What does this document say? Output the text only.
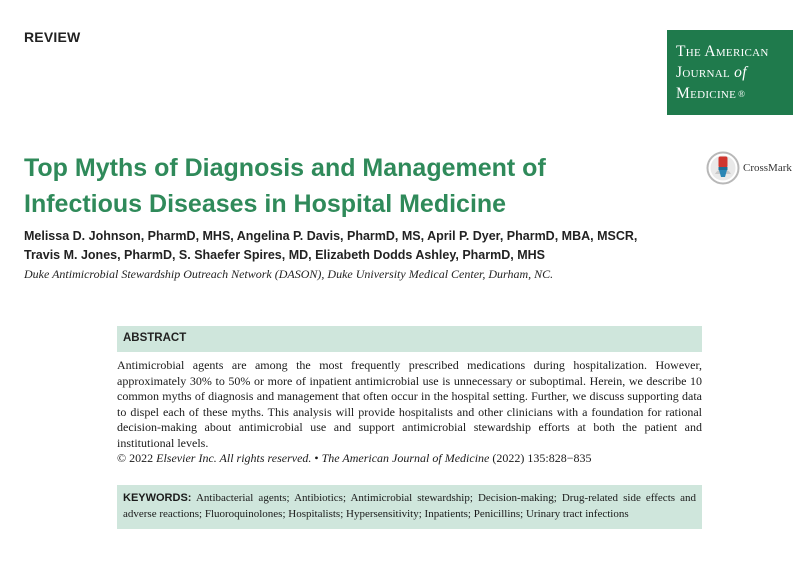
REVIEW
The American
Journal of
Medicine ®
Top Myths of Diagnosis and Management of
Infectious Diseases in Hospital Medicine
CrossMark
Melissa D. Johnson, PharmD, MHS, Angelina P. Davis, PharmD, MS, April P. Dyer, PharmD, MBA, MSCR,
Travis M. Jones, PharmD, S. Shaefer Spires, MD, Elizabeth Dodds Ashley, PharmD, MHS
Duke Antimicrobial Stewardship Outreach Network (DASON), Duke University Medical Center, Durham, NC.
ABSTRACT

Antimicrobial agents are among the most frequently prescribed medications during hospitalization. However, approximately 30% to 50% or more of inpatient antimicrobial use is unnecessary or suboptimal. Herein, we describe 10 common myths of diagnosis and management that often occur in the hospital setting. Further, we discuss supporting data to dispel each of these myths. This analysis will provide hospitalists and other clinicians with a foundation for rational decision-making about antimicrobial use and support antimicrobial stewardship efforts at both the patient and institutional levels.

© 2022 Elsevier Inc. All rights reserved. • The American Journal of Medicine (2022) 135:828−835

KEYWORDS: Antibacterial agents; Antibiotics; Antimicrobial stewardship; Decision-making; Drug-related side effects and adverse reactions; Fluoroquinolones; Hospitalists; Hypersensitivity; Inpatients; Penicillins; Urinary tract infections
